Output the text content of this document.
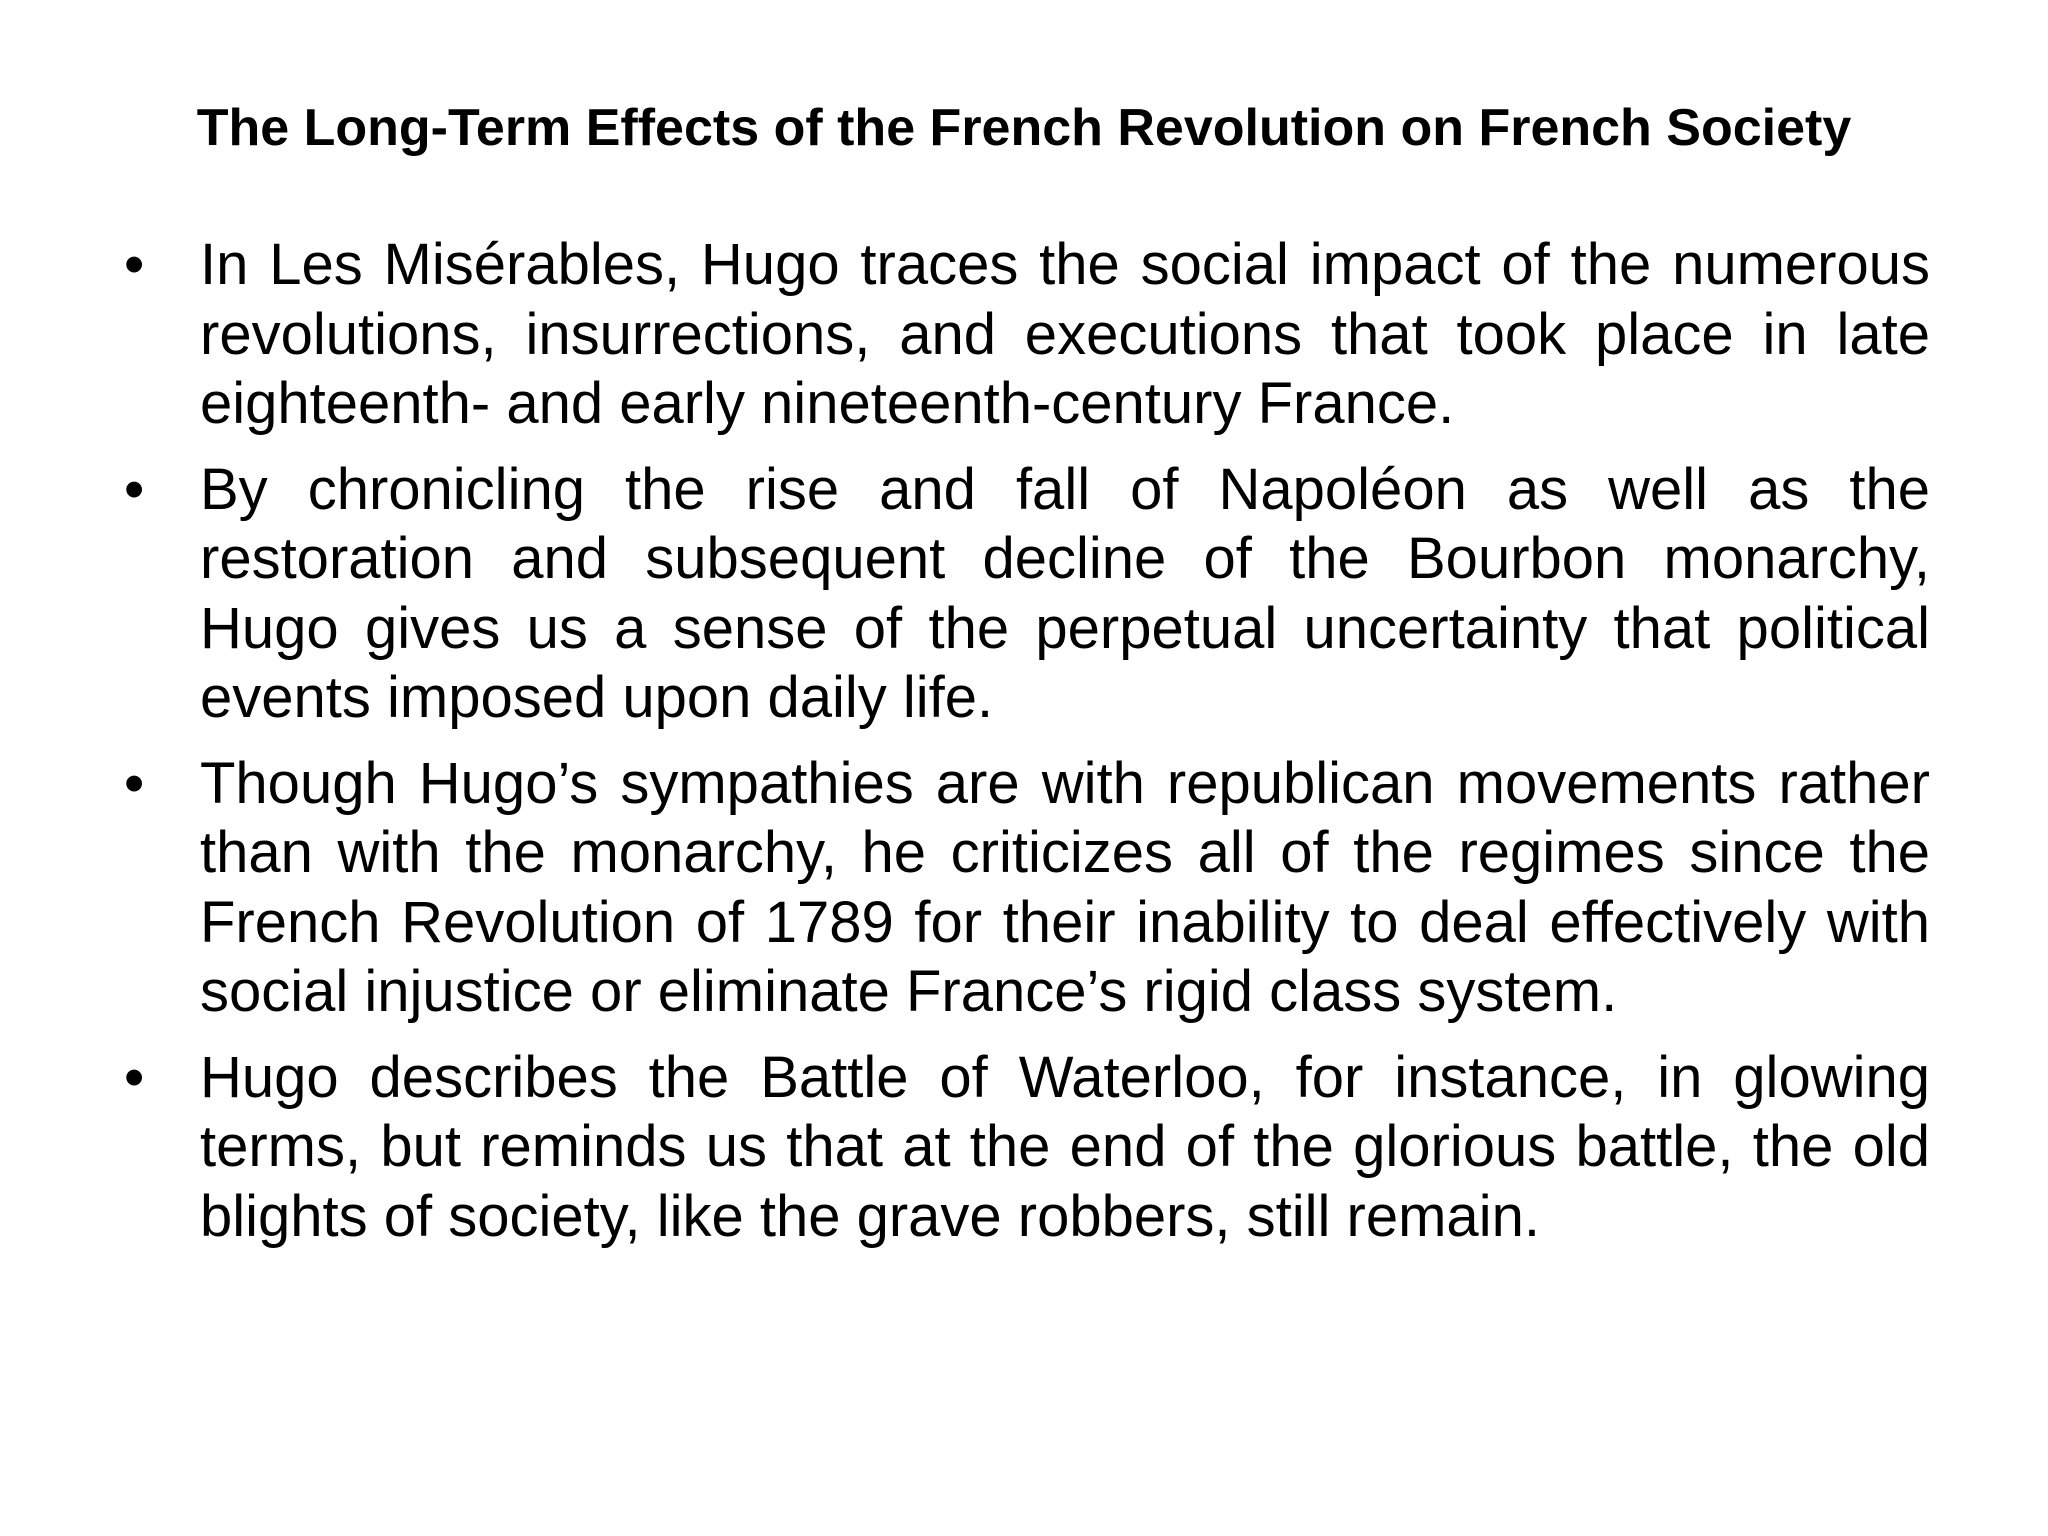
The Long-Term Effects of the French Revolution on French Society
• In Les Misérables, Hugo traces the social impact of the numerous revolutions, insurrections, and executions that took place in late eighteenth- and early nineteenth-century France.
• By chronicling the rise and fall of Napoléon as well as the restoration and subsequent decline of the Bourbon monarchy, Hugo gives us a sense of the perpetual uncertainty that political events imposed upon daily life.
• Though Hugo’s sympathies are with republican movements rather than with the monarchy, he criticizes all of the regimes since the French Revolution of 1789 for their inability to deal effectively with social injustice or eliminate France’s rigid class system.
• Hugo describes the Battle of Waterloo, for instance, in glowing terms, but reminds us that at the end of the glorious battle, the old blights of society, like the grave robbers, still remain.
